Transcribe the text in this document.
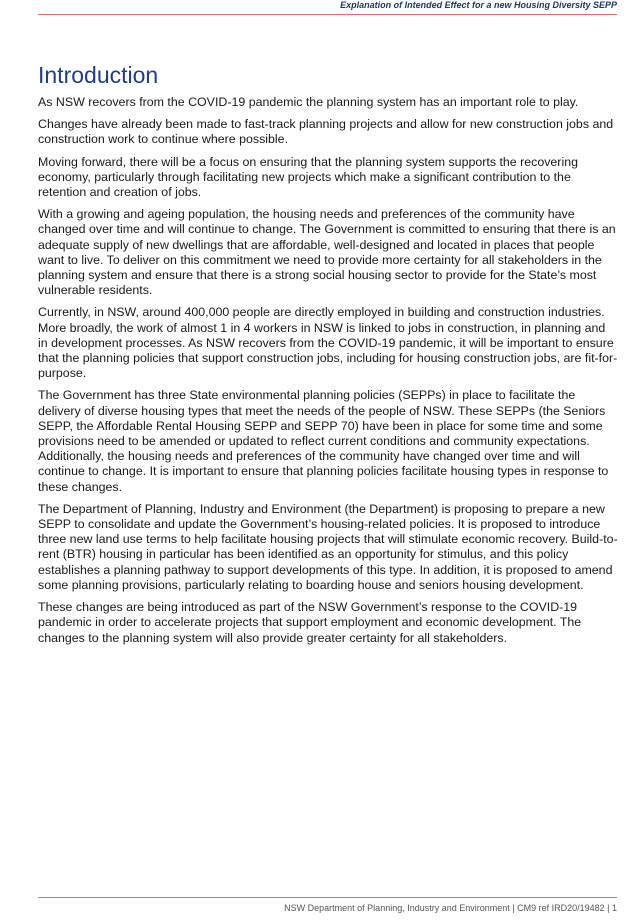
Explanation of Intended Effect for a new Housing Diversity SEPP
Introduction

As NSW recovers from the COVID-19 pandemic the planning system has an important role to play.

Changes have already been made to fast-track planning projects and allow for new construction jobs and construction work to continue where possible.

Moving forward, there will be a focus on ensuring that the planning system supports the recovering economy, particularly through facilitating new projects which make a significant contribution to the retention and creation of jobs.

With a growing and ageing population, the housing needs and preferences of the community have changed over time and will continue to change. The Government is committed to ensuring that there is an adequate supply of new dwellings that are affordable, well-designed and located in places that people want to live. To deliver on this commitment we need to provide more certainty for all stakeholders in the planning system and ensure that there is a strong social housing sector to provide for the State’s most vulnerable residents.

Currently, in NSW, around 400,000 people are directly employed in building and construction industries. More broadly, the work of almost 1 in 4 workers in NSW is linked to jobs in construction, in planning and in development processes. As NSW recovers from the COVID-19 pandemic, it will be important to ensure that the planning policies that support construction jobs, including for housing construction jobs, are fit-for-purpose.

The Government has three State environmental planning policies (SEPPs) in place to facilitate the delivery of diverse housing types that meet the needs of the people of NSW. These SEPPs (the Seniors SEPP, the Affordable Rental Housing SEPP and SEPP 70) have been in place for some time and some provisions need to be amended or updated to reflect current conditions and community expectations. Additionally, the housing needs and preferences of the community have changed over time and will continue to change. It is important to ensure that planning policies facilitate housing types in response to these changes.

The Department of Planning, Industry and Environment (the Department) is proposing to prepare a new SEPP to consolidate and update the Government’s housing-related policies. It is proposed to introduce three new land use terms to help facilitate housing projects that will stimulate economic recovery. Build-to-rent (BTR) housing in particular has been identified as an opportunity for stimulus, and this policy establishes a planning pathway to support developments of this type. In addition, it is proposed to amend some planning provisions, particularly relating to boarding house and seniors housing development.

These changes are being introduced as part of the NSW Government’s response to the COVID-19 pandemic in order to accelerate projects that support employment and economic development. The changes to the planning system will also provide greater certainty for all stakeholders.

NSW Department of Planning, Industry and Environment | CM9 ref IRD20/19482 | 1
